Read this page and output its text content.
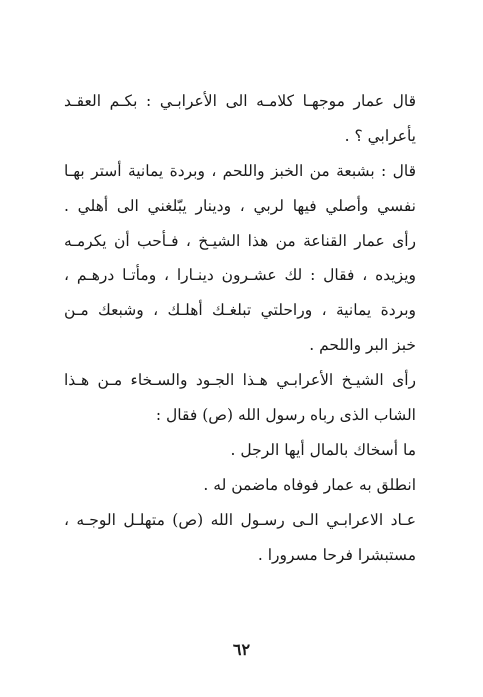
قال عمار موجهـا كلامـه الى الأعرابـي : بكـم العقـد
يأعرابي ؟ .
قال : بشبعة من الخبز واللحم ، وبردة يمانية أستر بهـا
نفسي وأصلي فيها لربي ، ودينار يبّلغني الى أهلي .
رأى عمار القناعة من هذا الشيـخ ، فـأحب أن يكرمـه
ويزيده ، فقال : لك عشـرون دينـارا ، ومأتـا درهـم ،
وبردة يمانية ، وراحلتي تبلغـك أهلـك ، وشبعك مـن
خبز البر واللحم .
رأى الشيـخ الأعرابـي هـذا الجـود والسـخاء مـن هـذا
الشاب الذى رباه رسول الله (ص) فقال :
ما أسخاك بالمال أيها الرجل .
انطلق به عمار فوفاه ماضمن له .
عـاد الاعرابـي الـى رسـول الله (ص) متهلـل الوجـه ،
مستبشرا فرحا مسرورا .
٦٢
